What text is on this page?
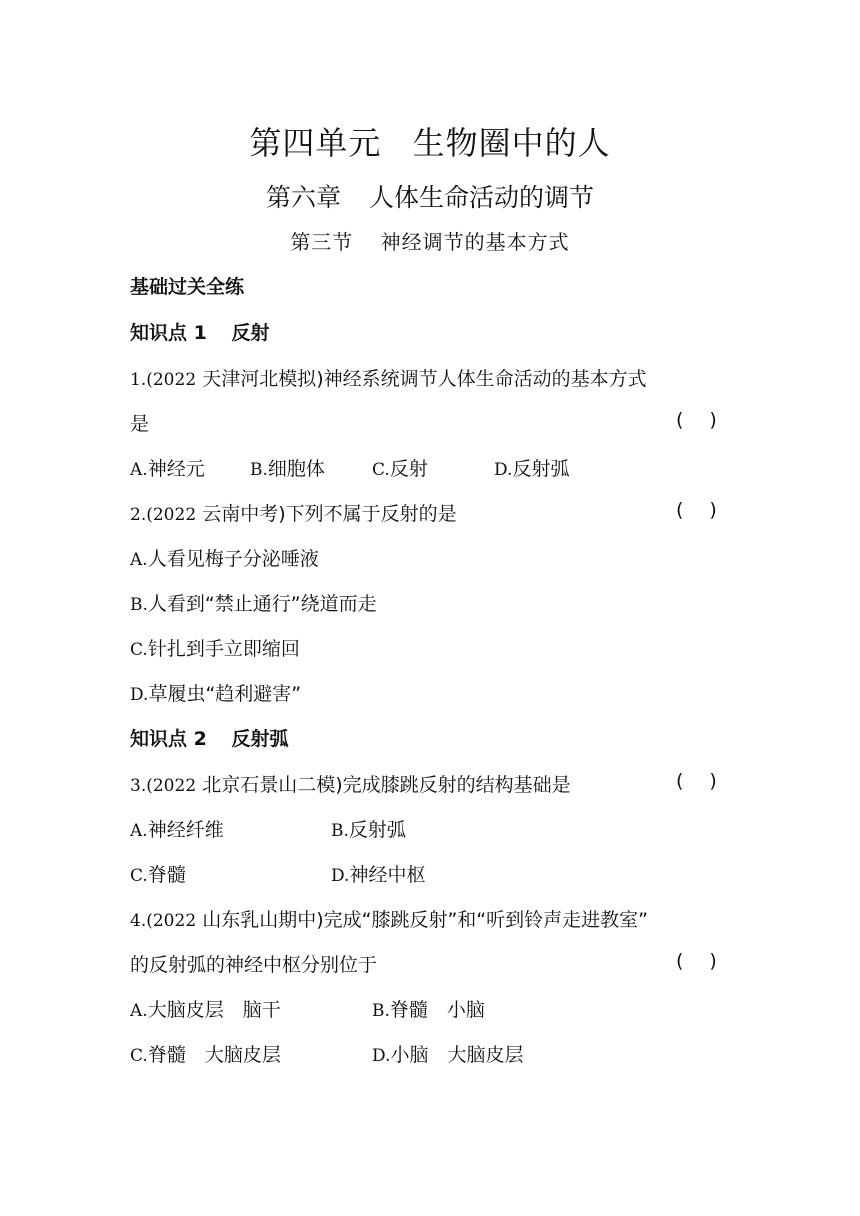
第四单元 生物圈中的人
第六章 人体生命活动的调节
第三节 神经调节的基本方式
基础过关全练
知识点 1 反射
1.(2022 天津河北模拟)神经系统调节人体生命活动的基本方式
是	()
A.神经元	B.细胞体	C.反射	D.反射弧
2.(2022 云南中考)下列不属于反射的是	()
A.人看见梅子分泌唾液
B.人看到“禁止通行”绕道而走
C.针扎到手立即缩回
D.草履虫“趋利避害”
知识点 2 反射弧
3.(2022 北京石景山二模)完成膝跳反射的结构基础是	()
A.神经纤维	B.反射弧
C.脊髓	D.神经中枢
4.(2022 山东乳山期中)完成“膝跳反射”和“听到铃声走进教室”
的反射弧的神经中枢分别位于	()
A.大脑皮层　脑干	B.脊髓　小脑
C.脊髓　大脑皮层	D.小脑　大脑皮层
